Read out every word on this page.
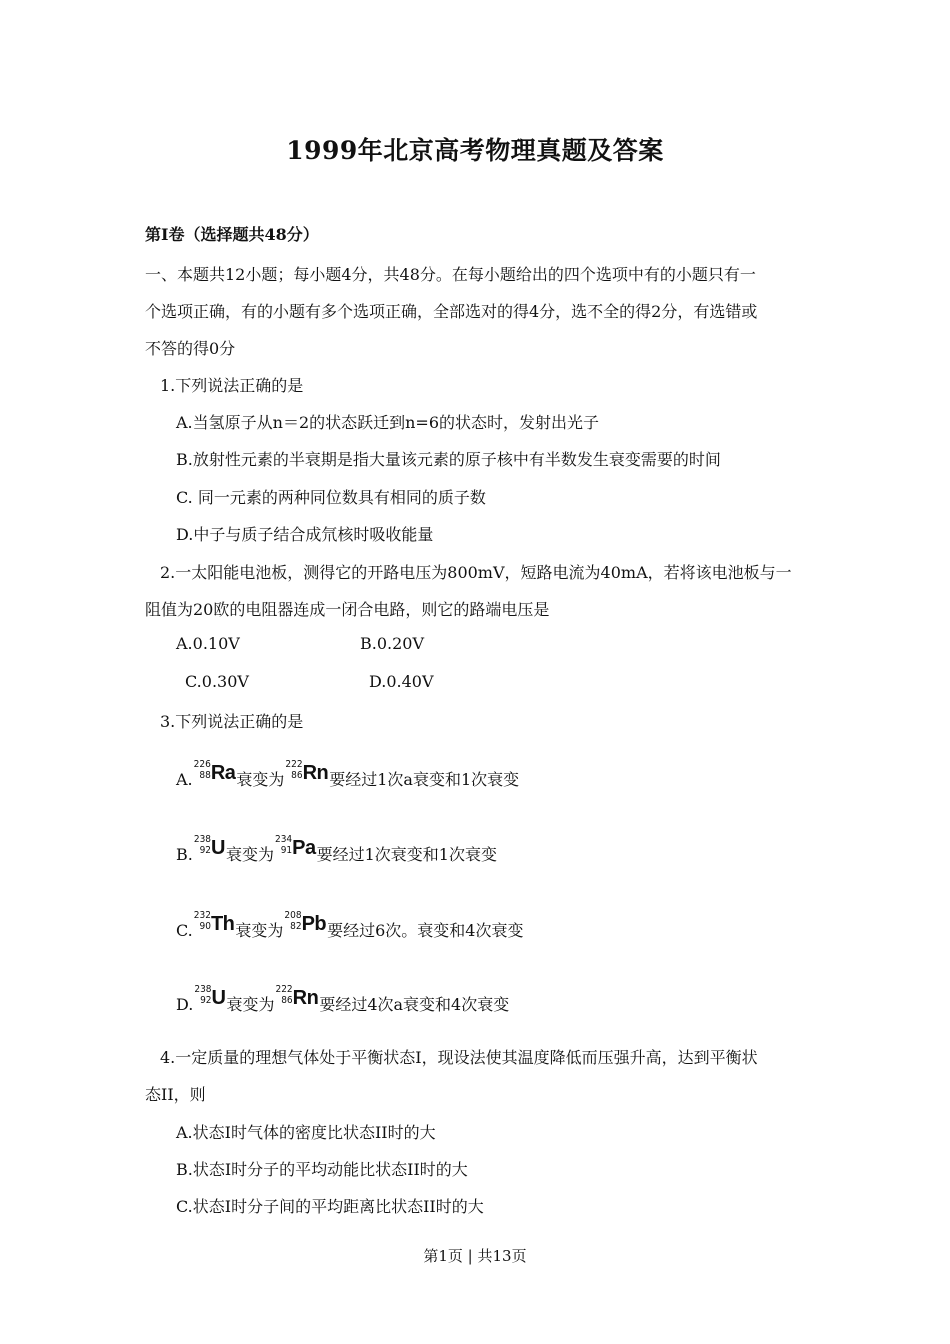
1999年北京高考物理真题及答案
第I卷（选择题共48分）
一、本题共12小题；每小题4分，共48分。在每小题给出的四个选项中有的小题只有一
个选项正确，有的小题有多个选项正确，全部选对的得4分，选不全的得2分，有选错或
不答的得0分
1.下列说法正确的是
A.当氢原子从n＝2的状态跃迁到n=6的状态时，发射出光子
B.放射性元素的半衰期是指大量该元素的原子核中有半数发生衰变需要的时间
C. 同一元素的两种同位数具有相同的质子数
D.中子与质子结合成氘核时吸收能量
2.一太阳能电池板，测得它的开路电压为800mV，短路电流为40mA，若将该电池板与一
阻值为20欧的电阻器连成一闭合电路，则它的路端电压是
A.0.10V	B.0.20V
C.0.30V	D.0.40V
3.下列说法正确的是
A.
226
88 Ra衰变为
222
86 Rn要经过1次a衰变和1次衰变
B.
238
92 U衰变为
234
91 Pa要经过1次衰变和1次衰变
C.
232
90 Th衰变为
208
82 Pb要经过6次。衰变和4次衰变
D.
238
92 U衰变为
222
86 Rn要经过4次a衰变和4次衰变
4.一定质量的理想气体处于平衡状态I，现设法使其温度降低而压强升高，达到平衡状
态II，则
A.状态I时气体的密度比状态II时的大
B.状态I时分子的平均动能比状态II时的大
C.状态I时分子间的平均距离比状态II时的大
第1页 | 共13页
